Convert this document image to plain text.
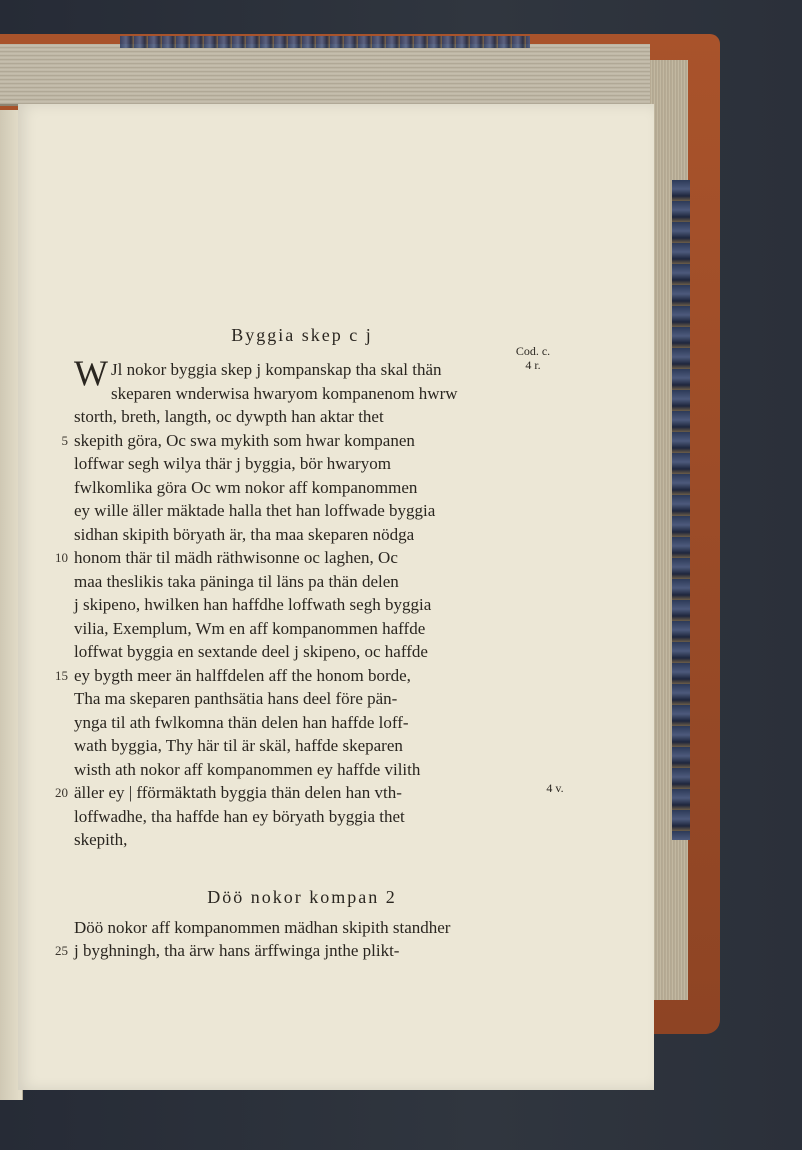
Cod. c.
4 r.
4 v.
Byggia skep c j
W Jl nokor byggia skep j kompanskap tha skal thän
skeparen wnderwisa hwaryom kompanenom hwrw
storth, breth, langth, oc dywpth han aktar thet
5 skepith göra, Oc swa mykith som hwar kompanen
loffwar segh wilya thär j byggia, bör hwaryom
fwlkomlika göra Oc wm nokor aff kompanommen
ey wille äller mäktade halla thet han loffwade byggia
sidhan skipith böryath är, tha maa skeparen nödga
10 honom thär til mädh räthwisonne oc laghen, Oc
maa theslikis taka päninga til läns pa thän delen
j skipeno, hwilken han haffdhe loffwath segh byggia
vilia, Exemplum, Wm en aff kompanommen haffde
loffwat byggia en sextande deel j skipeno, oc haffde
15 ey bygth meer än halffdelen aff the honom borde,
Tha ma skeparen panthsätia hans deel före pän-
ynga til ath fwlkomna thän delen han haffde loff-
wath byggia, Thy här til är skäl, haffde skeparen
wisth ath nokor aff kompanommen ey haffde vilith
20 äller ey | fförmäktath byggia thän delen han vth-
loffwadhe, tha haffde han ey böryath byggia thet
skepith,
Döö nokor kompan 2
Döö nokor aff kompanommen mädhan skipith standher
25 j byghningh, tha ärw hans ärffwinga jnthe plikt-
